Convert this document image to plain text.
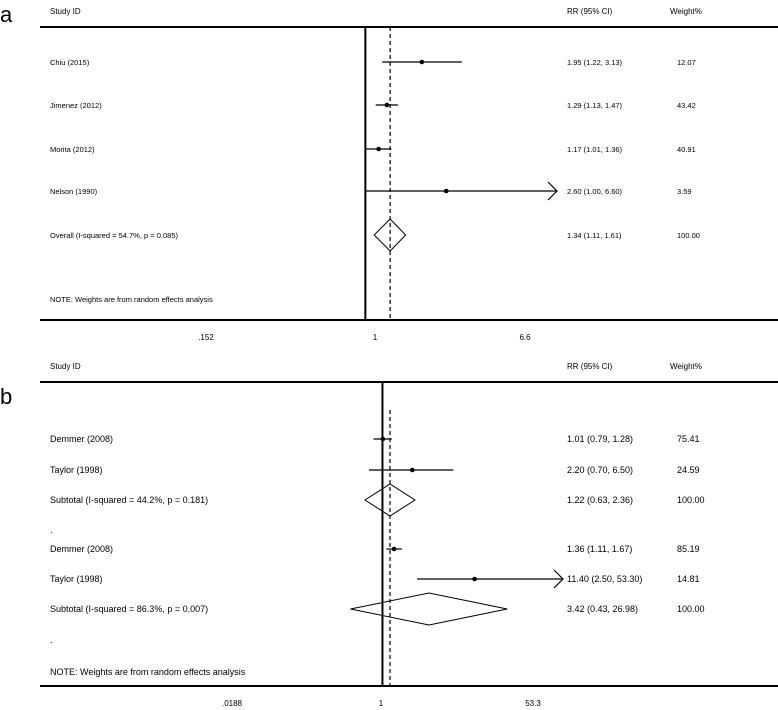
a	Study ID	RR (95% CI)	Weight%
.152	1	6.6
Chiu (2015)	1.95 (1.22, 3.13)	12.07
Jimenez (2012)	1.29 (1.13, 1.47)	43.42
Morita (2012)	1.17 (1.01, 1.36)	40.91
Nelson (1990)	2.60 (1.00, 6.60)	3.59
Overall (I-squared = 54.7%, p = 0.085)	1.34 (1.11, 1.61)	100.00
NOTE: Weights are from random effects analysis
b
Study ID	RR (95% CI)	Weight%
.0188	1	53.3
Demmer (2008)	1.01 (0.79, 1.28)	75.41
Taylor (1998)	2.20 (0.70, 6.50)	24.59
Subtotal (I-squared = 44.2%, p = 0.181)	1.22 (0.63, 2.36)	100.00
.
Demmer (2008)	1.36 (1.11, 1.67)	85.19
Taylor (1998)	11.40 (2.50, 53.30)	14.81
Subtotal (I-squared = 86.3%, p = 0.007)	3.42 (0.43, 26.98)	100.00
.
NOTE: Weights are from random effects analysis
